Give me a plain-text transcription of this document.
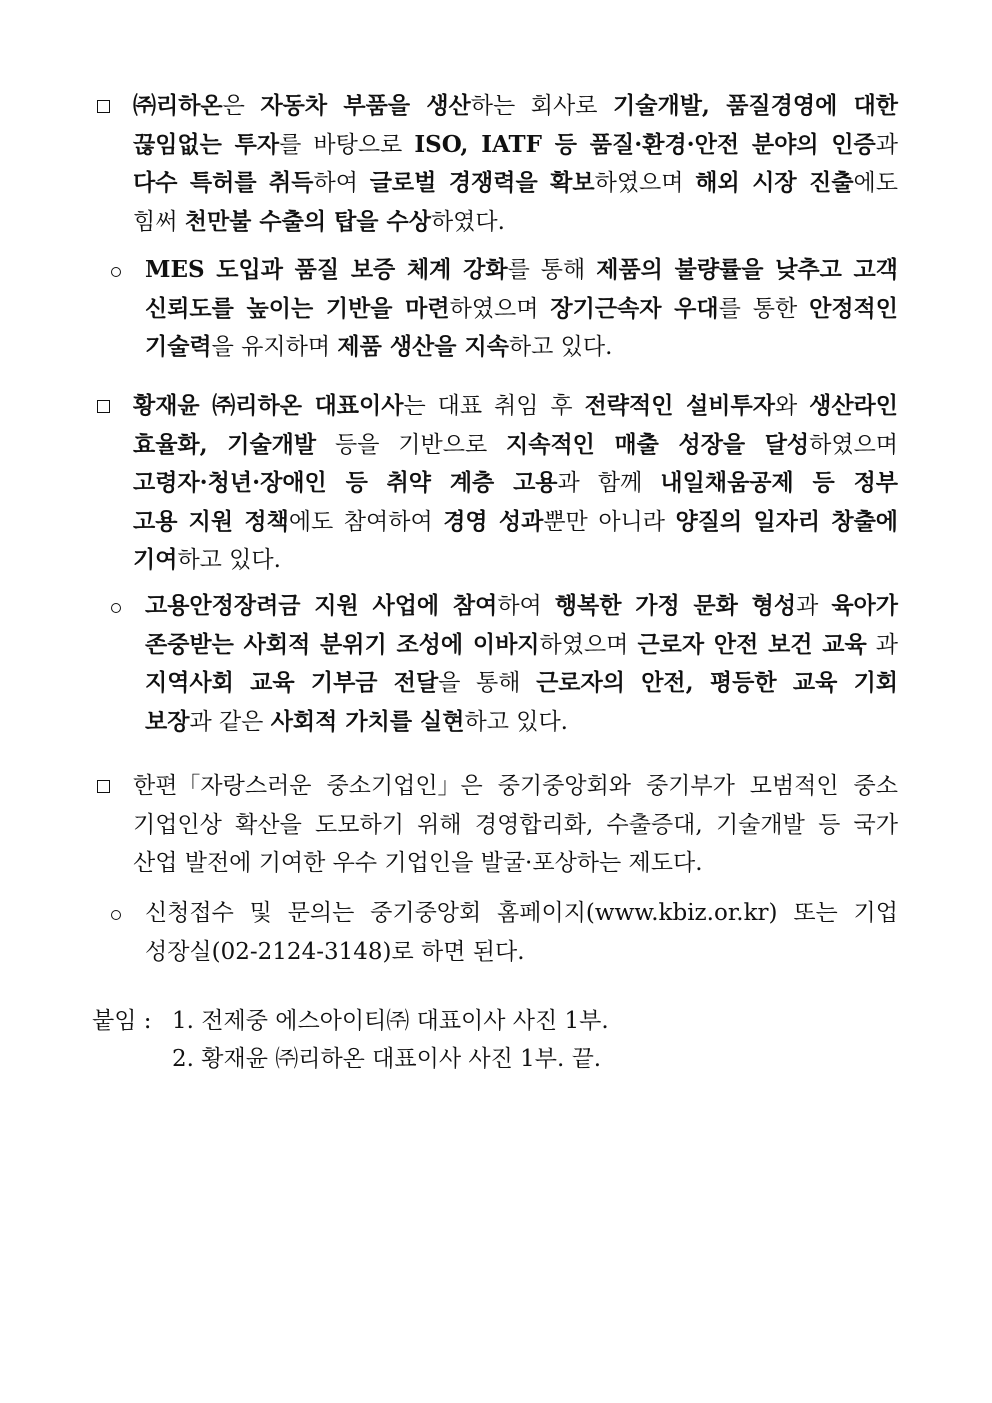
㈜리하온은 자동차 부품을 생산하는 회사로 기술개발, 품질경영에 대한
끊임없는 투자를 바탕으로 ISO, IATF 등 품질·환경·안전 분야의 인증과
다수 특허를 취득하여 글로벌 경쟁력을 확보하였으며 해외 시장 진출에도
힘써 천만불 수출의 탑을 수상하였다.
MES 도입과 품질 보증 체계 강화를 통해 제품의 불량률을 낮추고 고객
신뢰도를 높이는 기반을 마련하였으며 장기근속자 우대를 통한 안정적인
기술력을 유지하며 제품 생산을 지속하고 있다.
황재윤 ㈜리하온 대표이사는 대표 취임 후 전략적인 설비투자와 생산라인
효율화, 기술개발 등을 기반으로 지속적인 매출 성장을 달성하였으며
고령자·청년·장애인 등 취약 계층 고용과 함께 내일채움공제 등 정부
고용 지원 정책에도 참여하여 경영 성과뿐만 아니라 양질의 일자리 창출에
기여하고 있다.
고용안정장려금 지원 사업에 참여하여 행복한 가정 문화 형성과 육아가
존중받는 사회적 분위기 조성에 이바지하였으며 근로자 안전 보건 교육 과
지역사회 교육 기부금 전달을 통해 근로자의 안전, 평등한 교육 기회
보장과 같은 사회적 가치를 실현하고 있다.
한편「자랑스러운 중소기업인」은 중기중앙회와 중기부가 모범적인 중소
기업인상 확산을 도모하기 위해 경영합리화, 수출증대, 기술개발 등 국가
산업 발전에 기여한 우수 기업인을 발굴·포상하는 제도다.
신청접수 및 문의는 중기중앙회 홈페이지(www.kbiz.or.kr) 또는 기업
성장실(02-2124-3148)로 하면 된다.
붙임 : 1. 전제중 에스아이티㈜ 대표이사 사진 1부.
2. 황재윤 ㈜리하온 대표이사 사진 1부. 끝.
